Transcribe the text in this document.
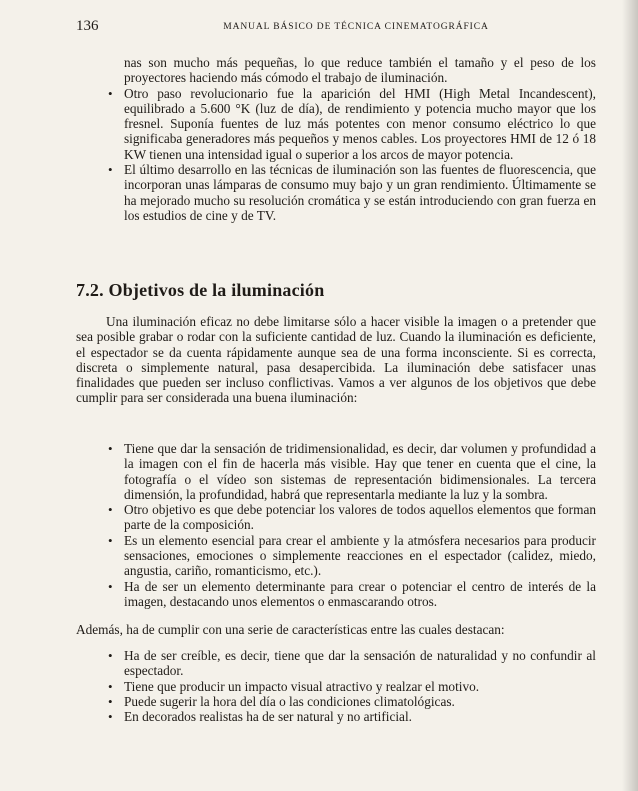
136	MANUAL BÁSICO DE TÉCNICA CINEMATOGRÁFICA
nas son mucho más pequeñas, lo que reduce también el tamaño y el peso de los proyectores haciendo más cómodo el trabajo de iluminación.
• Otro paso revolucionario fue la aparición del HMI (High Metal Incandescent), equilibrado a 5.600 °K (luz de día), de rendimiento y potencia mucho mayor que los fresnel. Suponía fuentes de luz más potentes con menor consumo eléctrico lo que significaba generadores más pequeños y menos cables. Los proyectores HMI de 12 ó 18 KW tienen una intensidad igual o superior a los arcos de mayor potencia.
• El último desarrollo en las técnicas de iluminación son las fuentes de fluorescencia, que incorporan unas lámparas de consumo muy bajo y un gran rendimiento. Últimamente se ha mejorado mucho su resolución cromática y se están introduciendo con gran fuerza en los estudios de cine y de TV.
7.2. Objetivos de la iluminación

Una iluminación eficaz no debe limitarse sólo a hacer visible la imagen o a pretender que sea posible grabar o rodar con la suficiente cantidad de luz. Cuando la iluminación es deficiente, el espectador se da cuenta rápidamente aunque sea de una forma inconsciente. Si es correcta, discreta o simplemente natural, pasa desapercibida. La iluminación debe satisfacer unas finalidades que pueden ser incluso conflictivas. Vamos a ver algunos de los objetivos que debe cumplir para ser considerada una buena iluminación:

• Tiene que dar la sensación de tridimensionalidad, es decir, dar volumen y profundidad a la imagen con el fin de hacerla más visible. Hay que tener en cuenta que el cine, la fotografía o el vídeo son sistemas de representación bidimensionales. La tercera dimensión, la profundidad, habrá que representarla mediante la luz y la sombra.
• Otro objetivo es que debe potenciar los valores de todos aquellos elementos que forman parte de la composición.
• Es un elemento esencial para crear el ambiente y la atmósfera necesarios para producir sensaciones, emociones o simplemente reacciones en el espectador (calidez, miedo, angustia, cariño, romanticismo, etc.).
• Ha de ser un elemento determinante para crear o potenciar el centro de interés de la imagen, destacando unos elementos o enmascarando otros.

Además, ha de cumplir con una serie de características entre las cuales destacan:

• Ha de ser creíble, es decir, tiene que dar la sensación de naturalidad y no confundir al espectador.
• Tiene que producir un impacto visual atractivo y realzar el motivo.
• Puede sugerir la hora del día o las condiciones climatológicas.
• En decorados realistas ha de ser natural y no artificial.
